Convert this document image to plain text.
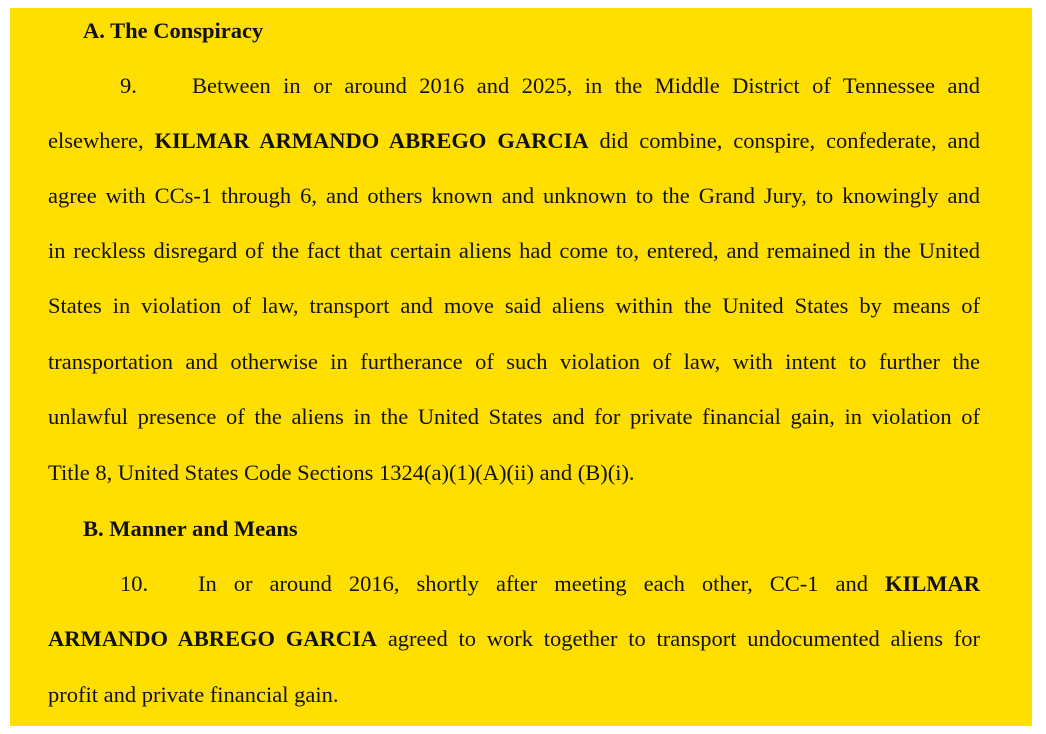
A. The Conspiracy
9. Between in or around 2016 and 2025, in the Middle District of Tennessee and
elsewhere, KILMAR ARMANDO ABREGO GARCIA did combine, conspire, confederate, and
agree with CCs-1 through 6, and others known and unknown to the Grand Jury, to knowingly and
in reckless disregard of the fact that certain aliens had come to, entered, and remained in the United
States in violation of law, transport and move said aliens within the United States by means of
transportation and otherwise in furtherance of such violation of law, with intent to further the
unlawful presence of the aliens in the United States and for private financial gain, in violation of
Title 8, United States Code Sections 1324(a)(1)(A)(ii) and (B)(i).
B. Manner and Means
10. In or around 2016, shortly after meeting each other, CC-1 and KILMAR
ARMANDO ABREGO GARCIA agreed to work together to transport undocumented aliens for
profit and private financial gain.
